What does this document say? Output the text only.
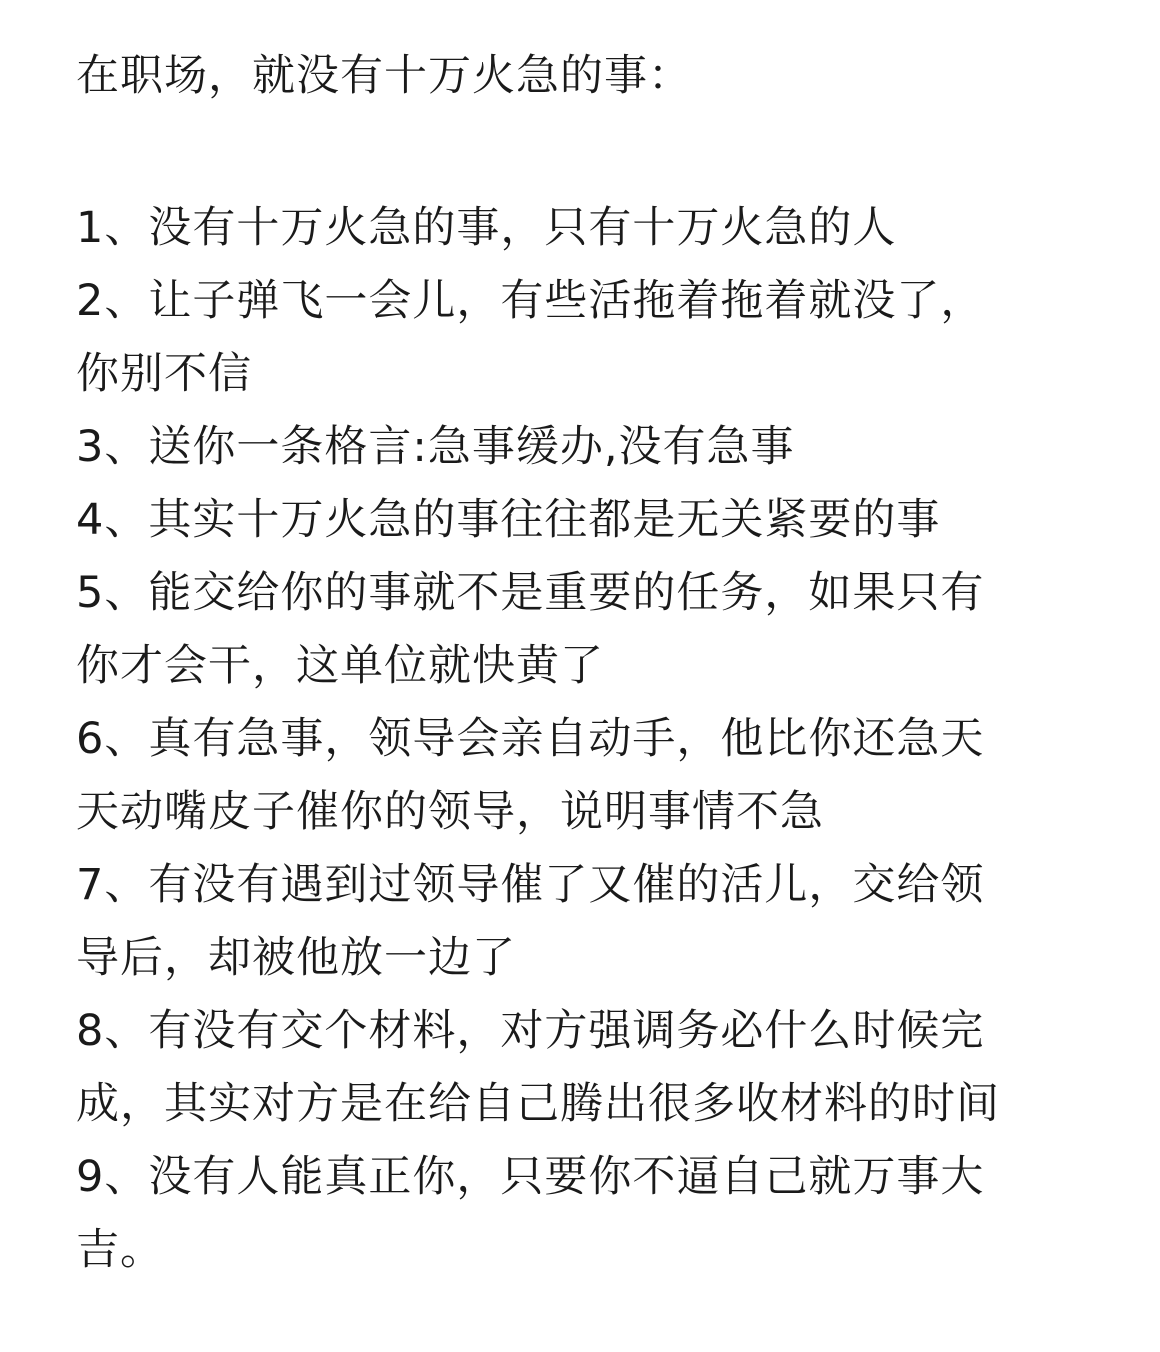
在职场，就没有十万火急的事：
1、没有十万火急的事，只有十万火急的人
2、让子弹飞一会儿，有些活拖着拖着就没了，
你别不信
3、送你一条格言:急事缓办,没有急事
4、其实十万火急的事往往都是无关紧要的事
5、能交给你的事就不是重要的任务，如果只有
你才会干，这单位就快黄了
6、真有急事，领导会亲自动手，他比你还急天
天动嘴皮子催你的领导，说明事情不急
7、有没有遇到过领导催了又催的活儿，交给领
导后，却被他放一边了
8、有没有交个材料，对方强调务必什么时候完
成，其实对方是在给自己腾出很多收材料的时间
9、没有人能真正你，只要你不逼自己就万事大
吉。
